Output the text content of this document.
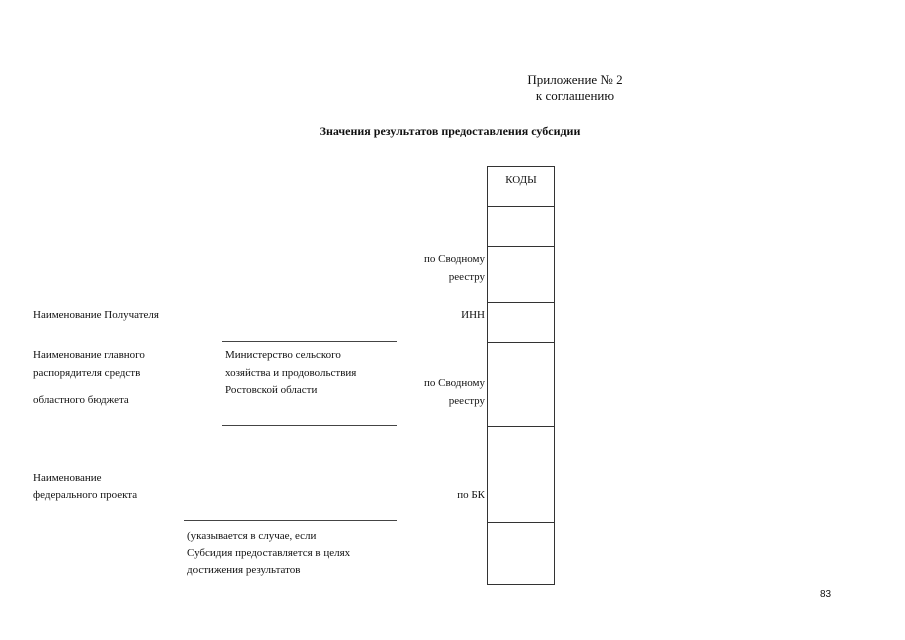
Приложение № 2
к соглашению
Значения результатов предоставления субсидии
КОДЫ
по Сводному
реестру
ИНН
по Сводному
реестру
по БК
Наименование Получателя
Наименование главного
распорядителя средств
областного бюджета
Наименование
федерального проекта
Министерство сельского
хозяйства и продовольствия
Ростовской области
(указывается в случае, если
Субсидия предоставляется в целях
достижения результатов
83
